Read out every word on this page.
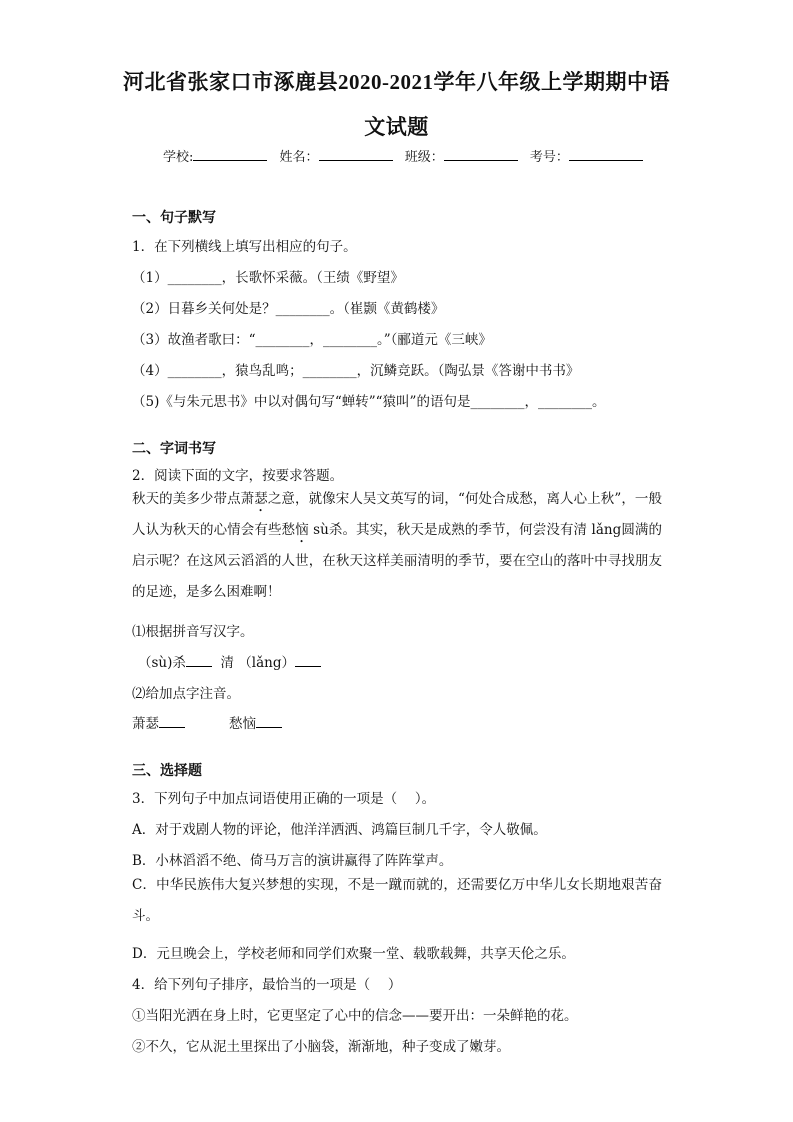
河北省张家口市涿鹿县2020-2021学年八年级上学期期中语
文试题
学校:	姓名：	班级：	考号：
一、句子默写
1．在下列横线上填写出相应的句子。
（1）________，长歌怀采薇。（王绩《野望》
（2）日暮乡关何处是？________。（崔颢《黄鹤楼》
（3）故渔者歌曰：“________，________。”（郦道元《三峡》
（4）________，猿鸟乱鸣；________，沉鳞竞跃。（陶弘景《答谢中书书》
（5)《与朱元思书》中以对偶句写“蝉转”“猿叫”的语句是________，________。
二、字词书写
2．阅读下面的文字，按要求答题。
秋天的美多少带点萧瑟之意，就像宋人吴文英写的词，“何处合成愁，离人心上秋”，一般人认为秋天的心情会有些愁恼 sù杀。其实，秋天是成熟的季节，何尝没有清 lǎng圆满的启示呢？在这风云滔滔的人世，在秋天这样美丽清明的季节，要在空山的落叶中寻找朋友的足迹，是多么困难啊！
⑴根据拼音写汉字。
（sù)杀	清 （lǎng）
⑵给加点字注音。
萧瑟	愁恼
三、选择题
3．下列句子中加点词语使用正确的一项是（　 ）。
A．对于戏剧人物的评论，他洋洋洒洒、鸿篇巨制几千字，令人敬佩。
B．小林滔滔不绝、倚马万言的演讲赢得了阵阵掌声。
C．中华民族伟大复兴梦想的实现，不是一蹴而就的，还需要亿万中华儿女长期地艰苦奋斗。
D．元旦晚会上，学校老师和同学们欢聚一堂、载歌载舞，共享天伦之乐。
4．给下列句子排序，最恰当的一项是（　 ）
①当阳光洒在身上时，它更坚定了心中的信念——要开出：一朵鲜艳的花。
②不久，它从泥土里探出了小脑袋，渐渐地，种子变成了嫩芽。
